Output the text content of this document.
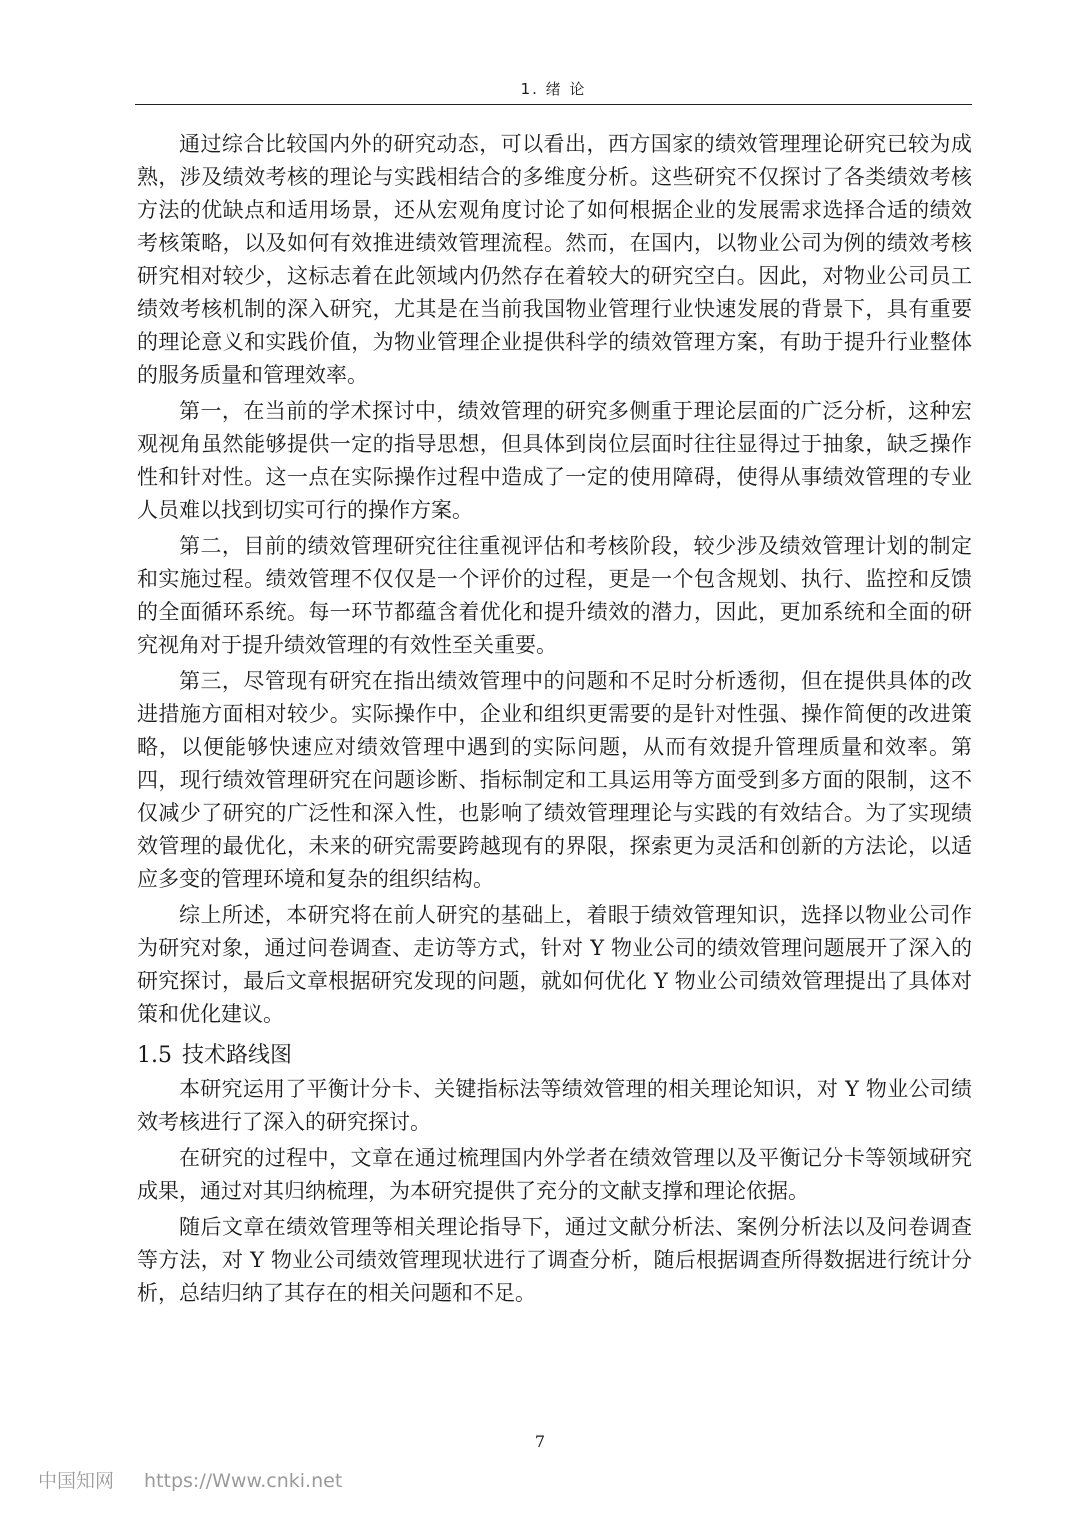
1. 绪 论

通过综合比较国内外的研究动态，可以看出，西方国家的绩效管理理论研究已较为成熟，涉及绩效考核的理论与实践相结合的多维度分析。这些研究不仅探讨了各类绩效考核方法的优缺点和适用场景，还从宏观角度讨论了如何根据企业的发展需求选择合适的绩效考核策略，以及如何有效推进绩效管理流程。然而，在国内，以物业公司为例的绩效考核研究相对较少，这标志着在此领域内仍然存在着较大的研究空白。因此，对物业公司员工绩效考核机制的深入研究，尤其是在当前我国物业管理行业快速发展的背景下，具有重要的理论意义和实践价值，为物业管理企业提供科学的绩效管理方案，有助于提升行业整体的服务质量和管理效率。

第一，在当前的学术探讨中，绩效管理的研究多侧重于理论层面的广泛分析，这种宏观视角虽然能够提供一定的指导思想，但具体到岗位层面时往往显得过于抽象，缺乏操作性和针对性。这一点在实际操作过程中造成了一定的使用障碍，使得从事绩效管理的专业人员难以找到切实可行的操作方案。

第二，目前的绩效管理研究往往重视评估和考核阶段，较少涉及绩效管理计划的制定和实施过程。绩效管理不仅仅是一个评价的过程，更是一个包含规划、执行、监控和反馈的全面循环系统。每一环节都蕴含着优化和提升绩效的潜力，因此，更加系统和全面的研究视角对于提升绩效管理的有效性至关重要。

第三，尽管现有研究在指出绩效管理中的问题和不足时分析透彻，但在提供具体的改进措施方面相对较少。实际操作中，企业和组织更需要的是针对性强、操作简便的改进策略，以便能够快速应对绩效管理中遇到的实际问题，从而有效提升管理质量和效率。第四，现行绩效管理研究在问题诊断、指标制定和工具运用等方面受到多方面的限制，这不仅减少了研究的广泛性和深入性，也影响了绩效管理理论与实践的有效结合。为了实现绩效管理的最优化，未来的研究需要跨越现有的界限，探索更为灵活和创新的方法论，以适应多变的管理环境和复杂的组织结构。

综上所述，本研究将在前人研究的基础上，着眼于绩效管理知识，选择以物业公司作为研究对象，通过问卷调查、走访等方式，针对 Y 物业公司的绩效管理问题展开了深入的研究探讨，最后文章根据研究发现的问题，就如何优化 Y 物业公司绩效管理提出了具体对策和优化建议。

1.5 技术路线图

本研究运用了平衡计分卡、关键指标法等绩效管理的相关理论知识，对 Y 物业公司绩效考核进行了深入的研究探讨。

在研究的过程中，文章在通过梳理国内外学者在绩效管理以及平衡记分卡等领域研究成果，通过对其归纳梳理，为本研究提供了充分的文献支撑和理论依据。

随后文章在绩效管理等相关理论指导下，通过文献分析法、案例分析法以及问卷调查等方法，对 Y 物业公司绩效管理现状进行了调查分析，随后根据调查所得数据进行统计分析，总结归纳了其存在的相关问题和不足。

7
中国知网 https://Www.cnki.net
